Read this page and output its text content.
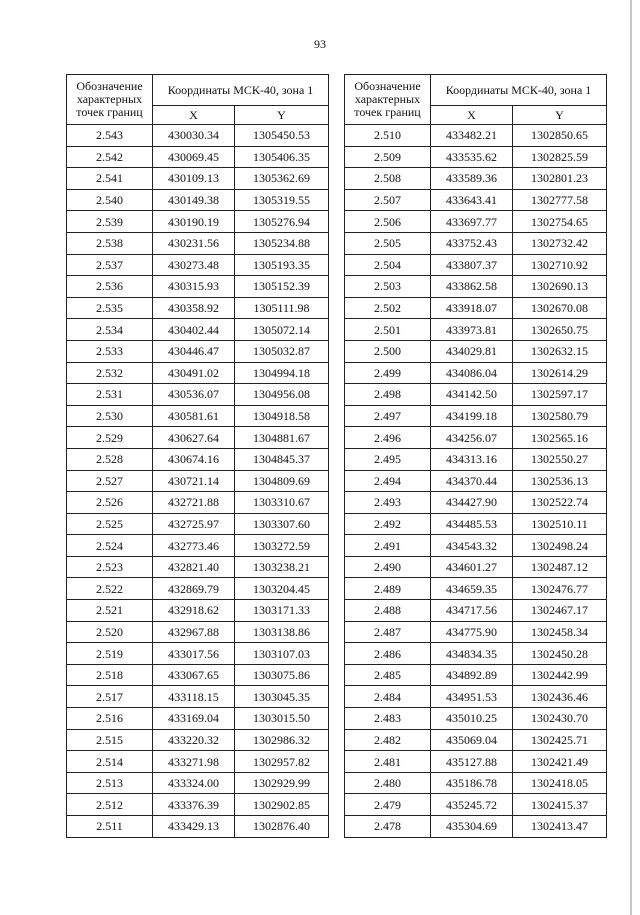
93
Обозначение характерных точек границ	Координаты МСК-40, зона 1	
	X	Y
2.543	430030.34	1305450.53
2.542	430069.45	1305406.35
2.541	430109.13	1305362.69
2.540	430149.38	1305319.55
2.539	430190.19	1305276.94
2.538	430231.56	1305234.88
2.537	430273.48	1305193.35
2.536	430315.93	1305152.39
2.535	430358.92	1305111.98
2.534	430402.44	1305072.14
2.533	430446.47	1305032.87
2.532	430491.02	1304994.18
2.531	430536.07	1304956.08
2.530	430581.61	1304918.58
2.529	430627.64	1304881.67
2.528	430674.16	1304845.37
2.527	430721.14	1304809.69
2.526	432721.88	1303310.67
2.525	432725.97	1303307.60
2.524	432773.46	1303272.59
2.523	432821.40	1303238.21
2.522	432869.79	1303204.45
2.521	432918.62	1303171.33
2.520	432967.88	1303138.86
2.519	433017.56	1303107.03
2.518	433067.65	1303075.86
2.517	433118.15	1303045.35
2.516	433169.04	1303015.50
2.515	433220.32	1302986.32
2.514	433271.98	1302957.82
2.513	433324.00	1302929.99
2.512	433376.39	1302902.85
2.511	433429.13	1302876.40
Обозначение характерных точек границ	Координаты МСК-40, зона 1	
	X	Y
2.510	433482.21	1302850.65
2.509	433535.62	1302825.59
2.508	433589.36	1302801.23
2.507	433643.41	1302777.58
2.506	433697.77	1302754.65
2.505	433752.43	1302732.42
2.504	433807.37	1302710.92
2.503	433862.58	1302690.13
2.502	433918.07	1302670.08
2.501	433973.81	1302650.75
2.500	434029.81	1302632.15
2.499	434086.04	1302614.29
2.498	434142.50	1302597.17
2.497	434199.18	1302580.79
2.496	434256.07	1302565.16
2.495	434313.16	1302550.27
2.494	434370.44	1302536.13
2.493	434427.90	1302522.74
2.492	434485.53	1302510.11
2.491	434543.32	1302498.24
2.490	434601.27	1302487.12
2.489	434659.35	1302476.77
2.488	434717.56	1302467.17
2.487	434775.90	1302458.34
2.486	434834.35	1302450.28
2.485	434892.89	1302442.99
2.484	434951.53	1302436.46
2.483	435010.25	1302430.70
2.482	435069.04	1302425.71
2.481	435127.88	1302421.49
2.480	435186.78	1302418.05
2.479	435245.72	1302415.37
2.478	435304.69	1302413.47
